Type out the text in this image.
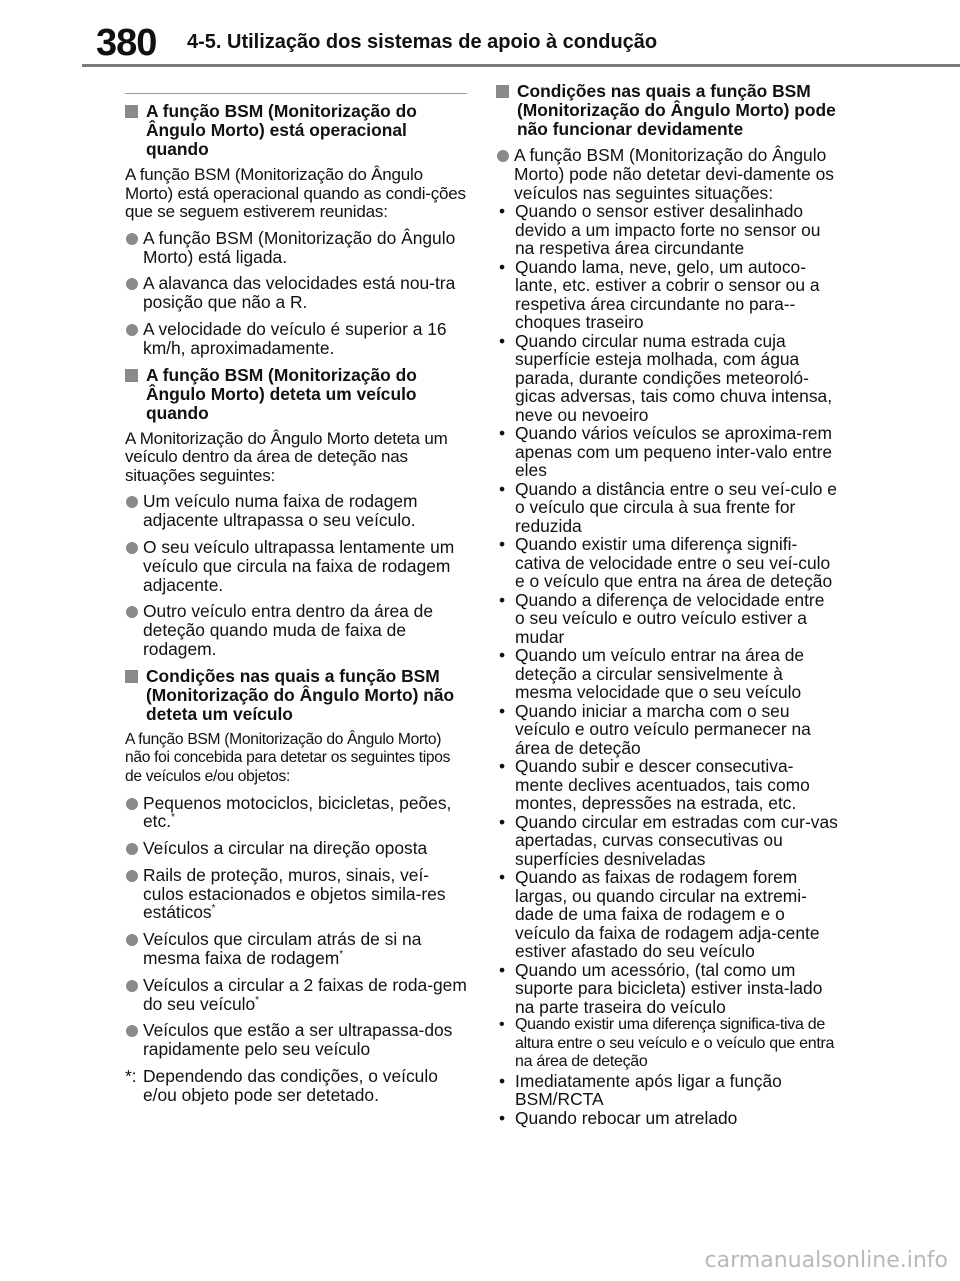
380 4-5. Utilização dos sistemas de apoio à condução
A função BSM (Monitorização do Ângulo Morto) está operacional quando

A função BSM (Monitorização do Ângulo Morto) está operacional quando as condi-ções que se seguem estiverem reunidas:

A função BSM (Monitorização do Ângulo Morto) está ligada.
A alavanca das velocidades está nou-tra posição que não a R.
A velocidade do veículo é superior a 16 km/h, aproximadamente.
A função BSM (Monitorização do Ângulo Morto) deteta um veículo quando

A Monitorização do Ângulo Morto deteta um veículo dentro da área de deteção nas situações seguintes:

Um veículo numa faixa de rodagem adjacente ultrapassa o seu veículo.
O seu veículo ultrapassa lentamente um veículo que circula na faixa de rodagem adjacente.
Outro veículo entra dentro da área de deteção quando muda de faixa de rodagem.
Condições nas quais a função BSM (Monitorização do Ângulo Morto) não deteta um veículo

A função BSM (Monitorização do Ângulo Morto) não foi concebida para detetar os seguintes tipos de veículos e/ou objetos:

Pequenos motociclos, bicicletas, peões, etc.*
Veículos a circular na direção oposta
Rails de proteção, muros, sinais, veí-culos estacionados e objetos simila-res estáticos*
Veículos que circulam atrás de si na mesma faixa de rodagem*
Veículos a circular a 2 faixas de roda-gem do seu veículo*
Veículos que estão a ser ultrapassa-dos rapidamente pelo seu veículo
*: Dependendo das condições, o veículo e/ou objeto pode ser detetado.
Condições nas quais a função BSM (Monitorização do Ângulo Morto) pode não funcionar devidamente
A função BSM (Monitorização do Ângulo Morto) pode não detetar devi-damente os veículos nas seguintes situações:
• Quando o sensor estiver desalinhado devido a um impacto forte no sensor ou na respetiva área circundante
• Quando lama, neve, gelo, um autoco-lante, etc. estiver a cobrir o sensor ou a respetiva área circundante no para--choques traseiro
• Quando circular numa estrada cuja superfície esteja molhada, com água parada, durante condições meteoroló-gicas adversas, tais como chuva intensa, neve ou nevoeiro
• Quando vários veículos se aproxima-rem apenas com um pequeno inter-valo entre eles
• Quando a distância entre o seu veí-culo e o veículo que circula à sua frente for reduzida
• Quando existir uma diferença signifi-cativa de velocidade entre o seu veí-culo e o veículo que entra na área de deteção
• Quando a diferença de velocidade entre o seu veículo e outro veículo estiver a mudar
• Quando um veículo entrar na área de deteção a circular sensivelmente à mesma velocidade que o seu veículo
• Quando iniciar a marcha com o seu veículo e outro veículo permanecer na área de deteção
• Quando subir e descer consecutiva-mente declives acentuados, tais como montes, depressões na estrada, etc.
• Quando circular em estradas com cur-vas apertadas, curvas consecutivas ou superfícies desniveladas
• Quando as faixas de rodagem forem largas, ou quando circular na extremi-dade de uma faixa de rodagem e o veículo da faixa de rodagem adja-cente estiver afastado do seu veículo
• Quando um acessório, (tal como um suporte para bicicleta) estiver insta-lado na parte traseira do veículo
• Quando existir uma diferença significa-tiva de altura entre o seu veículo e o veículo que entra na área de deteção
• Imediatamente após ligar a função BSM/RCTA
• Quando rebocar um atrelado
carmanualsonline.info
